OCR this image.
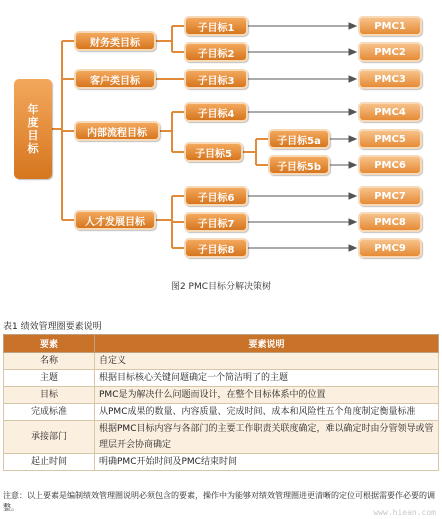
年
度
目
标
财务类目标
客户类目标
内部流程目标
人才发展目标
子目标1
子目标2
子目标3
子目标4
子目标5
子目标5a
子目标5b
子目标6
子目标7
子目标8
PMC1
PMC2
PMC3
PMC4
PMC5
PMC6
PMC7
PMC8
PMC9
图2 PMC目标分解决策树
表1 绩效管理圈要素说明
要素	要素说明
名称	自定义
主题	根据目标核心关键问题确定一个简洁明了的主题
目标	PMC是为解决什么问题而设计，在整个目标体系中的位置
完成标准	从PMC成果的数量、内容质量、完成时间、成本和风险性五个角度制定衡量标准
承接部门	根据PMC目标内容与各部门的主要工作职责关联度确定，难以确定时由分管领导或管理层开会协商确定
起止时间	明确PMC开始时间及PMC结束时间
注意：以上要素是编制绩效管理圈说明必须包含的要素，操作中为能够对绩效管理圈进更清晰的定位可根据需要作必要的调整。
www.hiean.com
